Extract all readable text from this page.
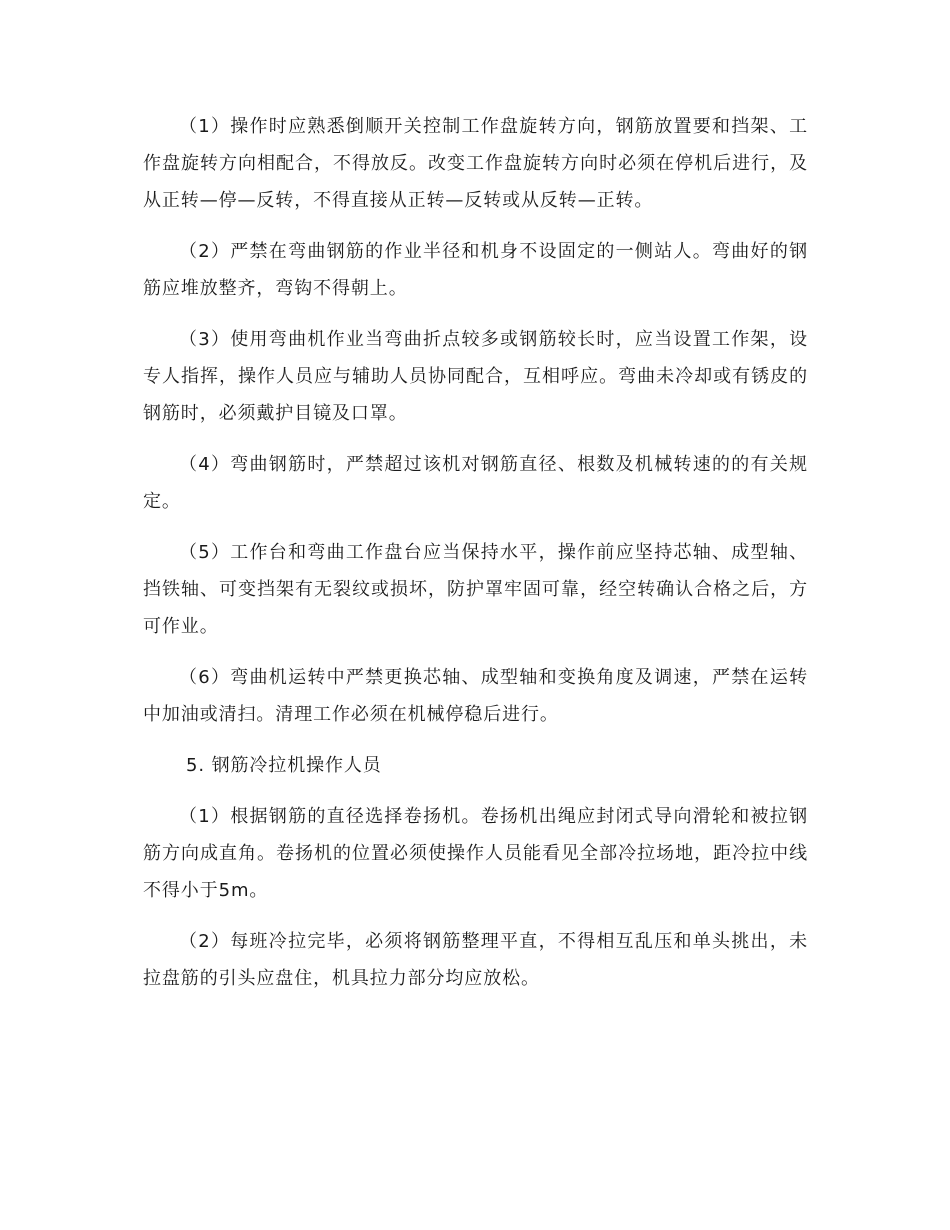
（1）操作时应熟悉倒顺开关控制工作盘旋转方向，钢筋放置要和挡架、工作盘旋转方向相配合，不得放反。改变工作盘旋转方向时必须在停机后进行，及从正转—停—反转，不得直接从正转—反转或从反转—正转。

（2）严禁在弯曲钢筋的作业半径和机身不设固定的一侧站人。弯曲好的钢筋应堆放整齐，弯钩不得朝上。

（3）使用弯曲机作业当弯曲折点较多或钢筋较长时，应当设置工作架，设专人指挥，操作人员应与辅助人员协同配合，互相呼应。弯曲未冷却或有锈皮的钢筋时，必须戴护目镜及口罩。

（4）弯曲钢筋时，严禁超过该机对钢筋直径、根数及机械转速的的有关规定。

（5）工作台和弯曲工作盘台应当保持水平，操作前应坚持芯轴、成型轴、挡铁轴、可变挡架有无裂纹或损坏，防护罩牢固可靠，经空转确认合格之后，方可作业。

（6）弯曲机运转中严禁更换芯轴、成型轴和变换角度及调速，严禁在运转中加油或清扫。清理工作必须在机械停稳后进行。

5. 钢筋冷拉机操作人员

（1）根据钢筋的直径选择卷扬机。卷扬机出绳应封闭式导向滑轮和被拉钢筋方向成直角。卷扬机的位置必须使操作人员能看见全部冷拉场地，距冷拉中线不得小于5m。

（2）每班冷拉完毕，必须将钢筋整理平直，不得相互乱压和单头挑出，未拉盘筋的引头应盘住，机具拉力部分均应放松。
